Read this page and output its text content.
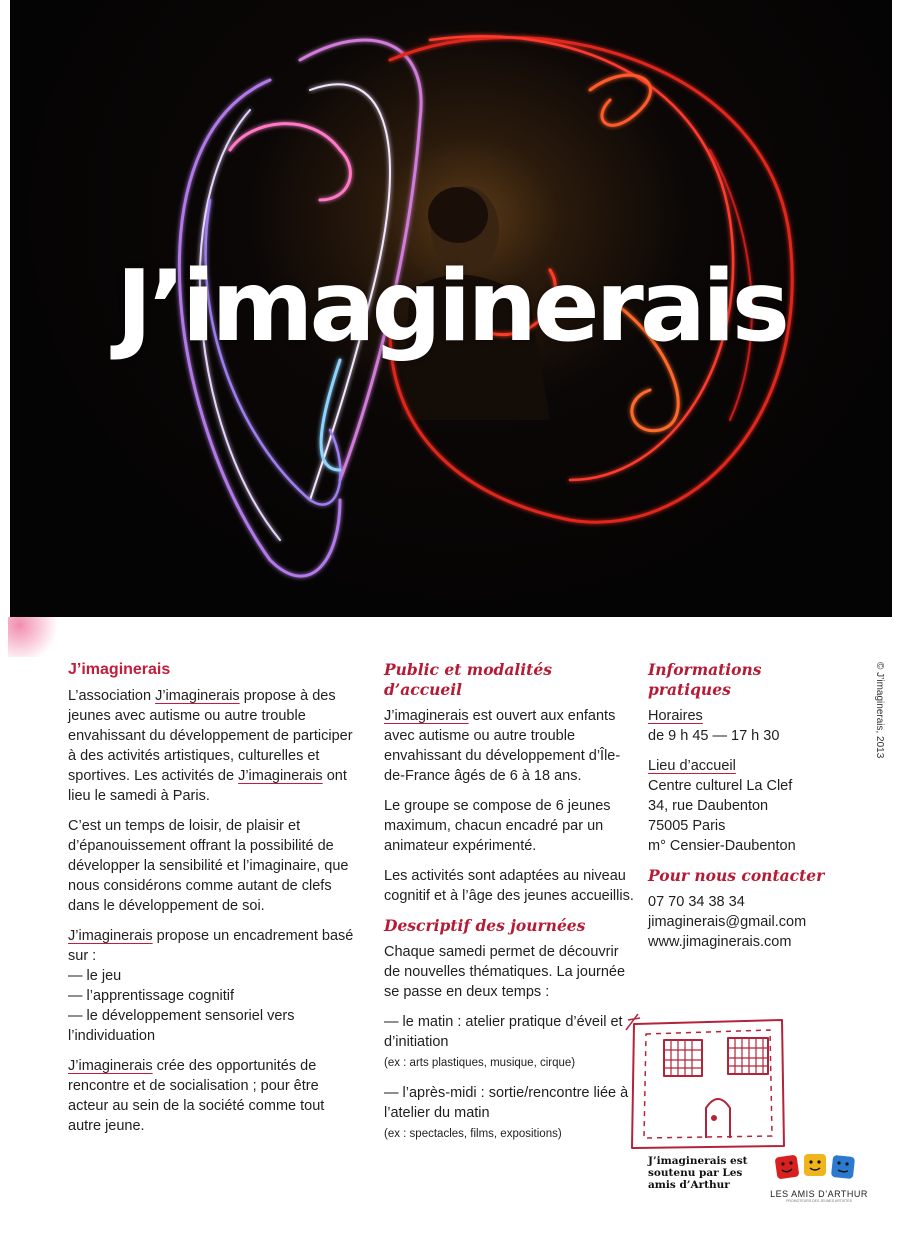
J’imaginerais
© J’imaginerais, 2013
J’imaginerais

L’association J’imaginerais propose à des jeunes avec autisme ou autre trouble envahissant du développement de participer à des activités artistiques, culturelles et sportives. Les activités de J’imaginerais ont lieu le samedi à Paris.

C’est un temps de loisir, de plaisir et d’épanouissement offrant la possibilité de développer la sensibilité et l’imaginaire, que nous considérons comme autant de clefs dans le développement de soi.

J’imaginerais propose un encadrement basé sur :

— le jeu
— l’apprentissage cognitif
— le développement sensoriel vers l’individuation

J’imaginerais crée des opportunités de rencontre et de socialisation ; pour être acteur au sein de la société comme tout autre jeune.

Public et modalités d’accueil

J’imaginerais est ouvert aux enfants avec autisme ou autre trouble envahissant du développement d’Île-de-France âgés de 6 à 18 ans.

Le groupe se compose de 6 jeunes maximum, chacun encadré par un animateur expérimenté.

Les activités sont adaptées au niveau cognitif et à l’âge des jeunes accueillis.

Descriptif des journées

Chaque samedi permet de découvrir de nouvelles thématiques. La journée se passe en deux temps :

— le matin : atelier pratique d’éveil et d’initiation
(ex : arts plastiques, musique, cirque)

— l’après-midi : sortie/rencontre liée à l’atelier du matin
(ex : spectacles, films, expositions)

Informations pratiques

Horaires
de 9 h 45 — 17 h 30

Lieu d’accueil
Centre culturel La Clef
34, rue Daubenton
75005 Paris
m° Censier-Daubenton

Pour nous contacter

07 70 34 38 34
jimaginerais@gmail.com
www.jimaginerais.com

J’imaginerais est soutenu par Les amis d’Arthur
LES AMIS D’ARTHUR
PROMOTEURS DES JEUNES ARTISTES
